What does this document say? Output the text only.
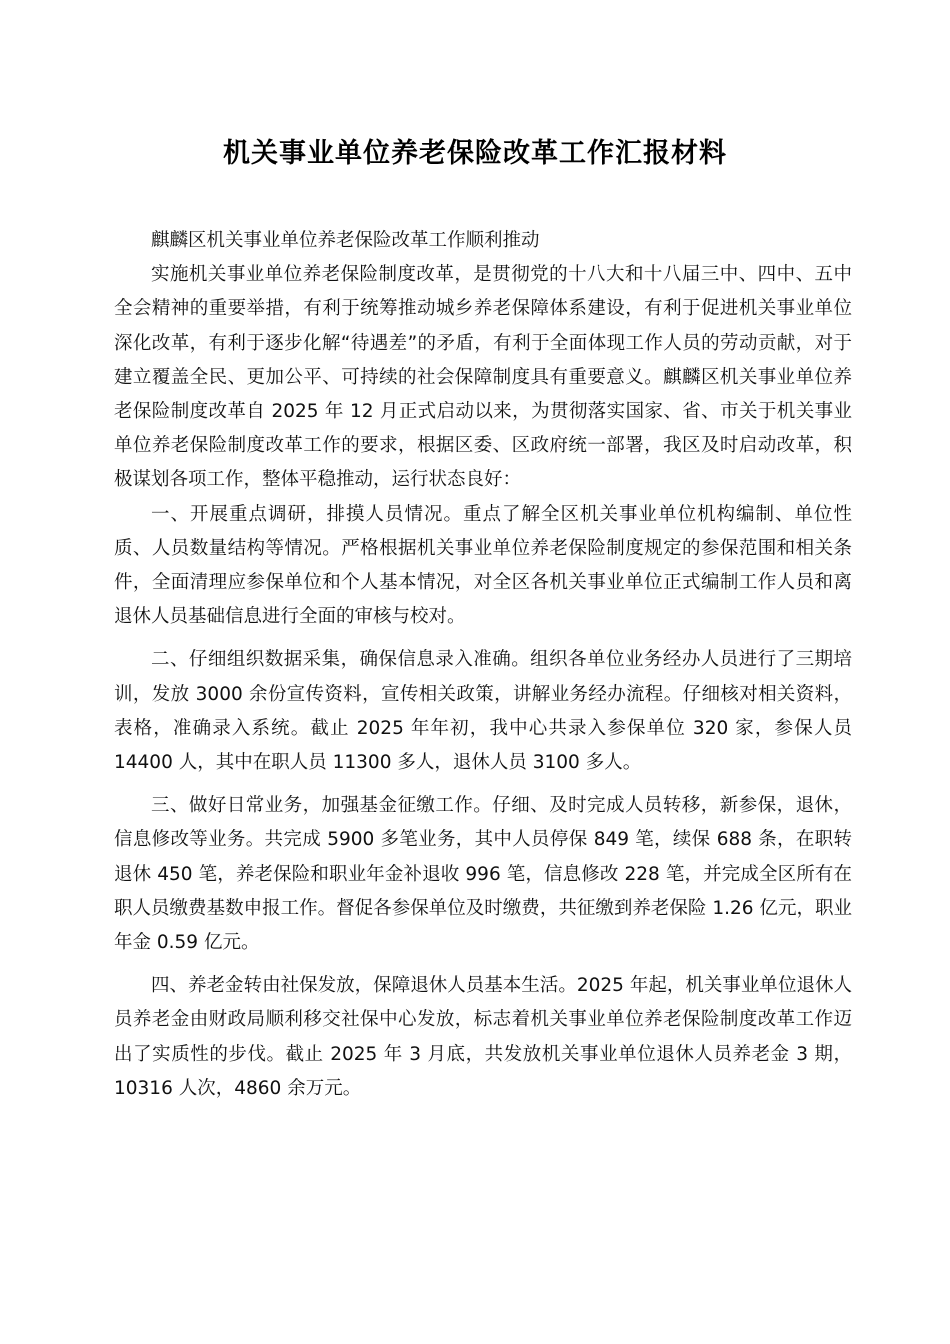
机关事业单位养老保险改革工作汇报材料

麒麟区机关事业单位养老保险改革工作顺利推动

实施机关事业单位养老保险制度改革，是贯彻党的十八大和十八届三中、四中、五中全会精神的重要举措，有利于统筹推动城乡养老保障体系建设，有利于促进机关事业单位深化改革，有利于逐步化解“待遇差”的矛盾，有利于全面体现工作人员的劳动贡献，对于建立覆盖全民、更加公平、可持续的社会保障制度具有重要意义。麒麟区机关事业单位养老保险制度改革自 2025 年 12 月正式启动以来，为贯彻落实国家、省、市关于机关事业单位养老保险制度改革工作的要求，根据区委、区政府统一部署，我区及时启动改革，积极谋划各项工作，整体平稳推动，运行状态良好：

一、开展重点调研，排摸人员情况。重点了解全区机关事业单位机构编制、单位性质、人员数量结构等情况。严格根据机关事业单位养老保险制度规定的参保范围和相关条件，全面清理应参保单位和个人基本情况，对全区各机关事业单位正式编制工作人员和离退休人员基础信息进行全面的审核与校对。

二、仔细组织数据采集，确保信息录入准确。组织各单位业务经办人员进行了三期培训，发放 3000 余份宣传资料，宣传相关政策，讲解业务经办流程。仔细核对相关资料，表格，准确录入系统。截止 2025 年年初，我中心共录入参保单位 320 家，参保人员 14400 人，其中在职人员 11300 多人，退休人员 3100 多人。

三、做好日常业务，加强基金征缴工作。仔细、及时完成人员转移，新参保，退休，信息修改等业务。共完成 5900 多笔业务，其中人员停保 849 笔，续保 688 条，在职转退休 450 笔，养老保险和职业年金补退收 996 笔，信息修改 228 笔，并完成全区所有在职人员缴费基数申报工作。督促各参保单位及时缴费，共征缴到养老保险 1.26 亿元，职业年金 0.59 亿元。

四、养老金转由社保发放，保障退休人员基本生活。2025 年起，机关事业单位退休人员养老金由财政局顺利移交社保中心发放，标志着机关事业单位养老保险制度改革工作迈出了实质性的步伐。截止 2025 年 3 月底，共发放机关事业单位退休人员养老金 3 期，10316 人次，4860 余万元。
